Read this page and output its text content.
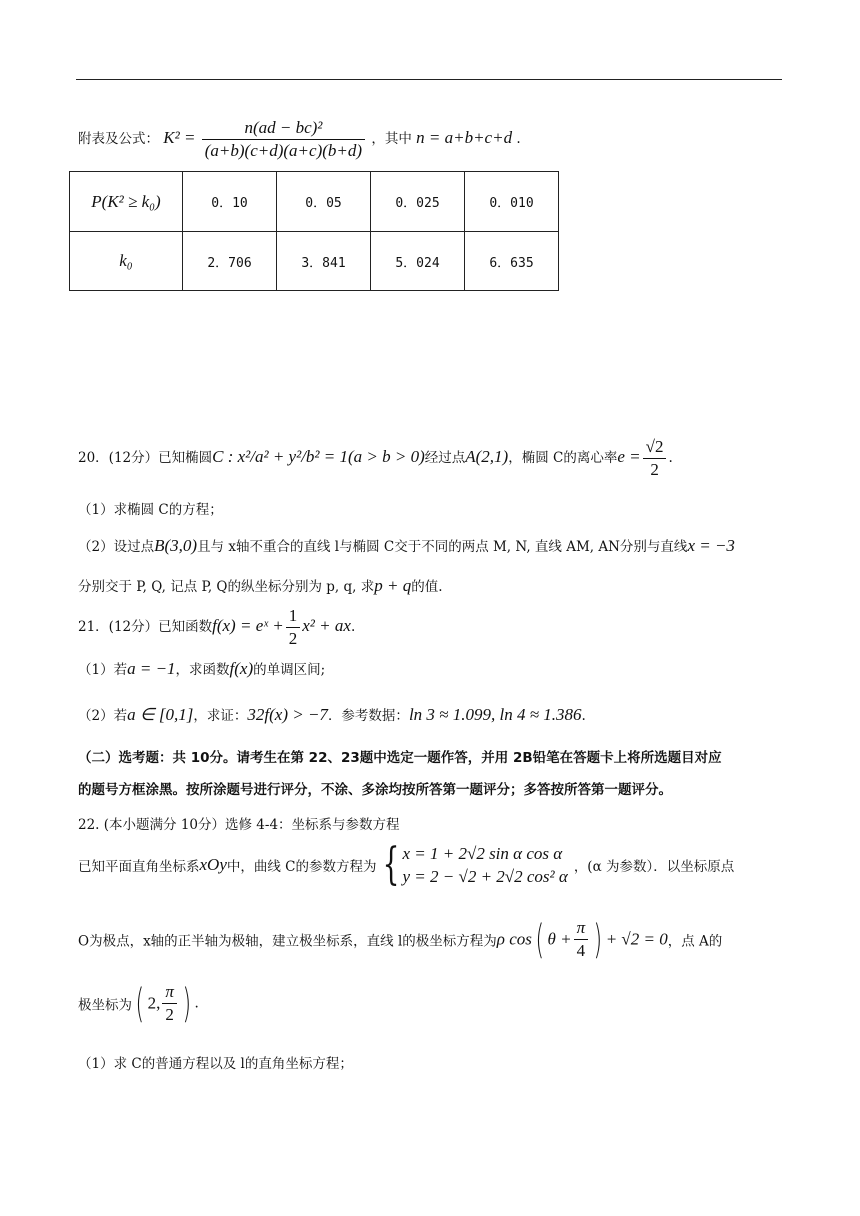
附表及公式： $K^2 = \frac{\text{n(ad − bc)²}}{(a+b)(c+d)(a+c)(b+d)}$ ，其中 n = a+b+c+d .
P(K² ≥ k₀)	0．10	0．05	0．025	0．010
k₀	2．706	3．841	5．024	6．635
20．(12分）已知椭圆C : x²/a² + y²/b² = 1(a > b > 0)经过点A(2,1)，椭圆 C的离心率$e = \frac{√2}{2}$ .
（1）求椭圆 C的方程；
（2）设过点B(3,0)且与 x轴不重合的直线 l与椭圆 C交于不同的两点 M, N, 直线 AM, AN分别与直线x = −3
分别交于 P, Q, 记点 P, Q的纵坐标分别为 p, q, 求p + q的值.
21．(12分）已知函数f(x) = eˣ + $\frac{1}{2} x^2$ + ax.
（1）若a = −1，求函数f(x)的单调区间;
（2）若a ∈ [0,1]，求证：32f(x) > −7．参考数据：ln 3 ≈ 1.099, ln 4 ≈ 1.386.
（二）选考题：共 10分。请考生在第 22、23题中选定一题作答，并用 2B铅笔在答题卡上将所选题目对应
的题号方框涂黑。按所涂题号进行评分，不涂、多涂均按所答第一题评分；多答按所答第一题评分。
22. (本小题满分 10分）选修 4-4：坐标系与参数方程
已知平面直角坐标系xOy中，曲线 C的参数方程为 { x = 1 + 2√2 sin α cos α
y = 2 − √2 + 2√2 cos² α ，(α 为参数）．以坐标原点
O为极点，x轴的正半轴为极轴，建立极坐标系，直线 l的极坐标方程为ρ cos( $\theta + \frac{\pi}{4}$ ) + √2 = 0，点 A的
极坐标为( 2, $\frac{\pi}{2}$ ) .
（1）求 C的普通方程以及 l的直角坐标方程；
